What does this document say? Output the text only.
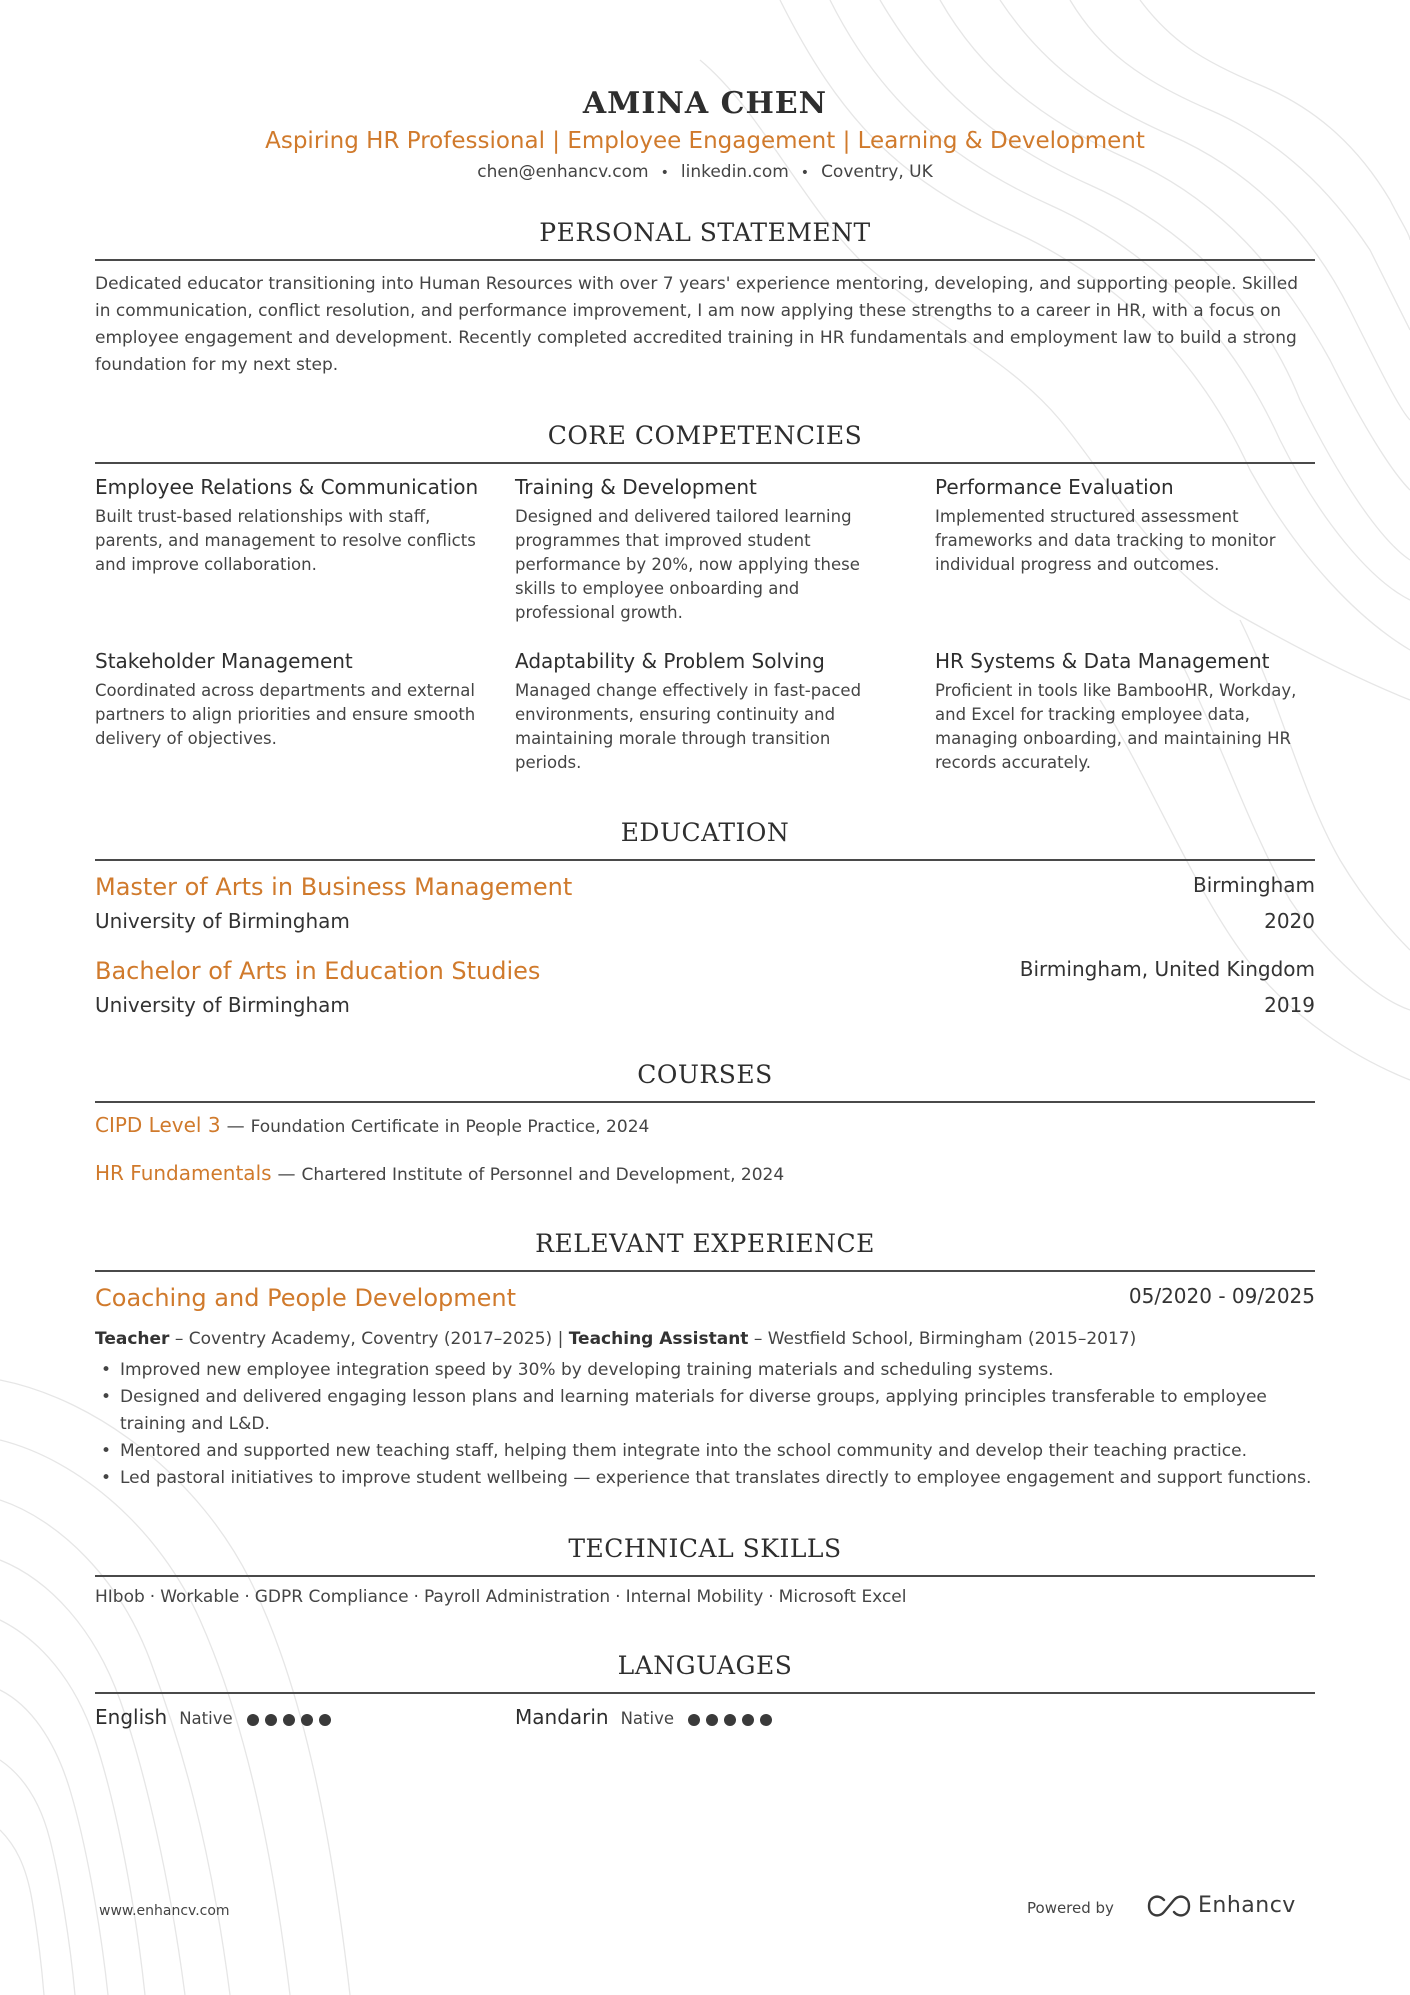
AMINA CHEN
Aspiring HR Professional | Employee Engagement | Learning & Development
chen@enhancv.com • linkedin.com • Coventry, UK
PERSONAL STATEMENT
Dedicated educator transitioning into Human Resources with over 7 years' experience mentoring, developing, and supporting people. Skilled in communication, conflict resolution, and performance improvement, I am now applying these strengths to a career in HR, with a focus on employee engagement and development. Recently completed accredited training in HR fundamentals and employment law to build a strong foundation for my next step.
CORE COMPETENCIES
Employee Relations & Communication
Built trust-based relationships with staff, parents, and management to resolve conflicts and improve collaboration.
Training & Development
Designed and delivered tailored learning programmes that improved student performance by 20%, now applying these skills to employee onboarding and professional growth.
Performance Evaluation
Implemented structured assessment frameworks and data tracking to monitor individual progress and outcomes.
Stakeholder Management
Coordinated across departments and external partners to align priorities and ensure smooth delivery of objectives.
Adaptability & Problem Solving
Managed change effectively in fast-paced environments, ensuring continuity and maintaining morale through transition periods.
HR Systems & Data Management
Proficient in tools like BambooHR, Workday, and Excel for tracking employee data, managing onboarding, and maintaining HR records accurately.
EDUCATION
Master of Arts in Business Management	Birmingham
University of Birmingham	2020
Bachelor of Arts in Education Studies	Birmingham, United Kingdom
University of Birmingham	2019
COURSES
CIPD Level 3 — Foundation Certificate in People Practice, 2024
HR Fundamentals — Chartered Institute of Personnel and Development, 2024
RELEVANT EXPERIENCE
Coaching and People Development	05/2020 - 09/2025
Teacher – Coventry Academy, Coventry (2017–2025) | Teaching Assistant – Westfield School, Birmingham (2015–2017)
• Improved new employee integration speed by 30% by developing training materials and scheduling systems.
• Designed and delivered engaging lesson plans and learning materials for diverse groups, applying principles transferable to employee training and L&D.
• Mentored and supported new teaching staff, helping them integrate into the school community and develop their teaching practice.
• Led pastoral initiatives to improve student wellbeing — experience that translates directly to employee engagement and support functions.
TECHNICAL SKILLS
HIbob · Workable · GDPR Compliance · Payroll Administration · Internal Mobility · Microsoft Excel
LANGUAGES
English Native	Mandarin Native
www.enhancv.com	Powered by	Enhancv
